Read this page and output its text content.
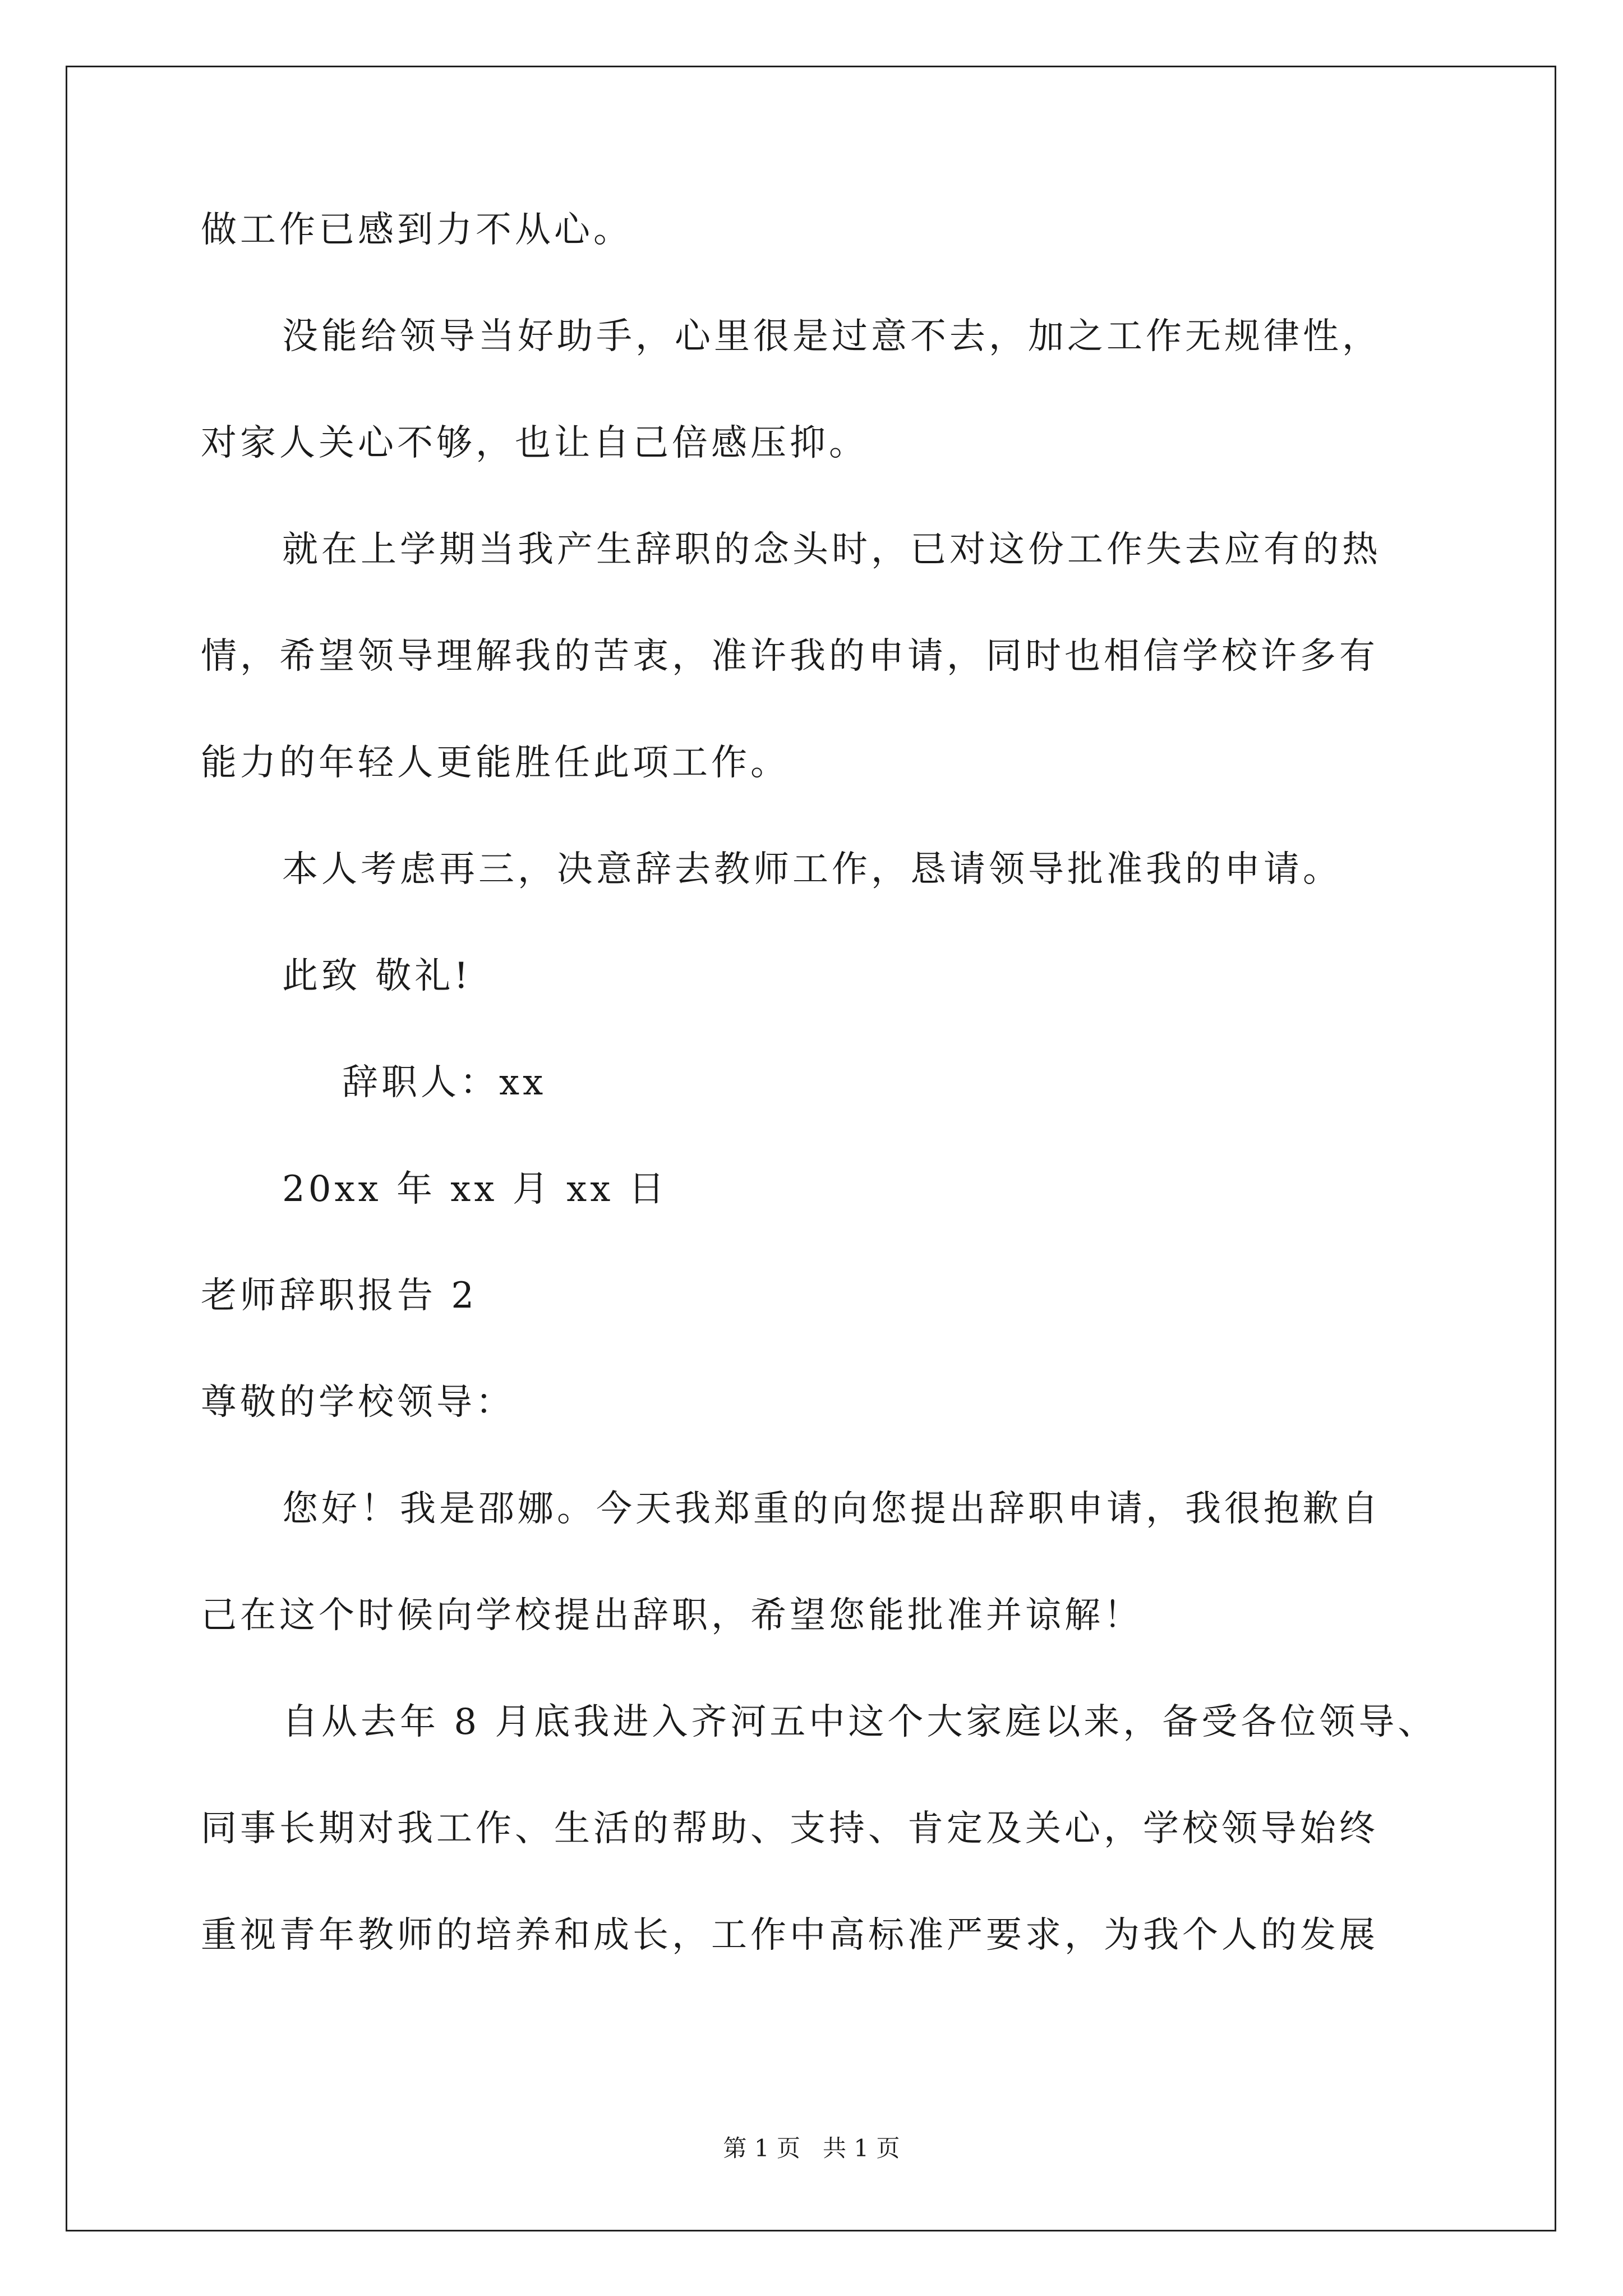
做工作已感到力不从心。
没能给领导当好助手，心里很是过意不去，加之工作无规律性，
对家人关心不够，也让自己倍感压抑。
就在上学期当我产生辞职的念头时，已对这份工作失去应有的热
情，希望领导理解我的苦衷，准许我的申请，同时也相信学校许多有
能力的年轻人更能胜任此项工作。
本人考虑再三，决意辞去教师工作，恳请领导批准我的申请。
此致 敬礼!
辞职人：xx
20xx 年 xx 月 xx 日
老师辞职报告 2
尊敬的学校领导：
您好！我是邵娜。今天我郑重的向您提出辞职申请，我很抱歉自
己在这个时候向学校提出辞职，希望您能批准并谅解！
自从去年 8 月底我进入齐河五中这个大家庭以来，备受各位领导、
同事长期对我工作、生活的帮助、支持、肯定及关心，学校领导始终
重视青年教师的培养和成长，工作中高标准严要求，为我个人的发展
第 1 页   共 1 页
